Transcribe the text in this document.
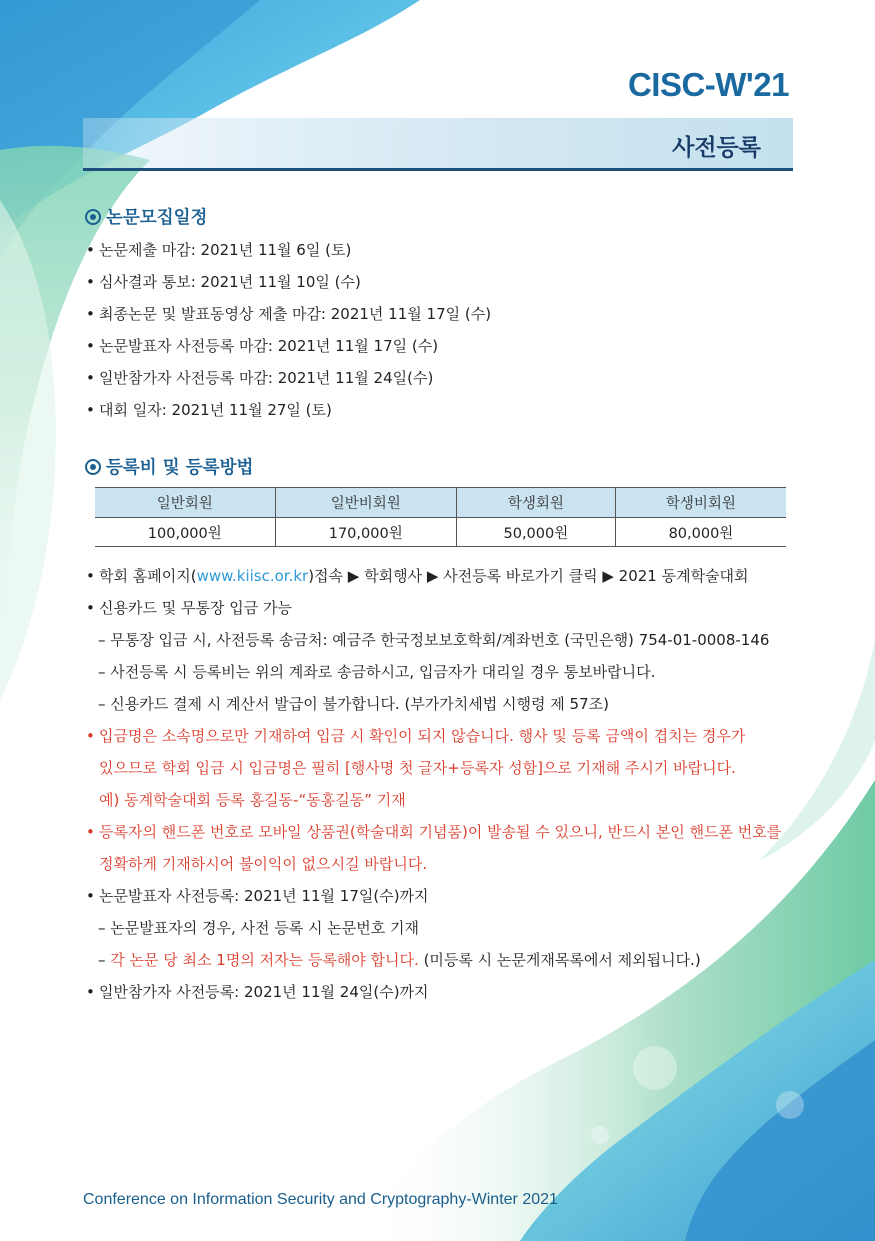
CISC-W'21
사전등록
논문모집일정
• 논문제출 마감: 2021년 11월 6일 (토)
• 심사결과 통보: 2021년 11월 10일 (수)
• 최종논문 및 발표동영상 제출 마감: 2021년 11월 17일 (수)
• 논문발표자 사전등록 마감: 2021년 11월 17일 (수)
• 일반참가자 사전등록 마감: 2021년 11월 24일(수)
• 대회 일자: 2021년 11월 27일 (토)
등록비 및 등록방법
일반회원	일반비회원	학생회원	학생비회원
100,000원	170,000원	50,000원	80,000원
• 학회 홈페이지(www.kiisc.or.kr)접속 ▶ 학회행사 ▶ 사전등록 바로가기 클릭 ▶ 2021 동계학술대회
• 신용카드 및 무통장 입금 가능
– 무통장 입금 시, 사전등록 송금처: 예금주 한국정보보호학회/계좌번호 (국민은행) 754-01-0008-146
– 사전등록 시 등록비는 위의 계좌로 송금하시고, 입금자가 대리일 경우 통보바랍니다.
– 신용카드 결제 시 계산서 발급이 불가합니다. (부가가치세법 시행령 제 57조)
• 입금명은 소속명으로만 기재하여 입금 시 확인이 되지 않습니다. 행사 및 등록 금액이 겹치는 경우가
있으므로 학회 입금 시 입금명은 필히 [행사명 첫 글자+등록자 성함]으로 기재해 주시기 바랍니다.
예) 동계학술대회 등록 홍길동-“동홍길동” 기재
• 등록자의 핸드폰 번호로 모바일 상품권(학술대회 기념품)이 발송될 수 있으니, 반드시 본인 핸드폰 번호를
정확하게 기재하시어 불이익이 없으시길 바랍니다.
• 논문발표자 사전등록: 2021년 11월 17일(수)까지
– 논문발표자의 경우, 사전 등록 시 논문번호 기재
– 각 논문 당 최소 1명의 저자는 등록해야 합니다. (미등록 시 논문게재목록에서 제외됩니다.)
• 일반참가자 사전등록: 2021년 11월 24일(수)까지
Conference on Information Security and Cryptography-Winter 2021
